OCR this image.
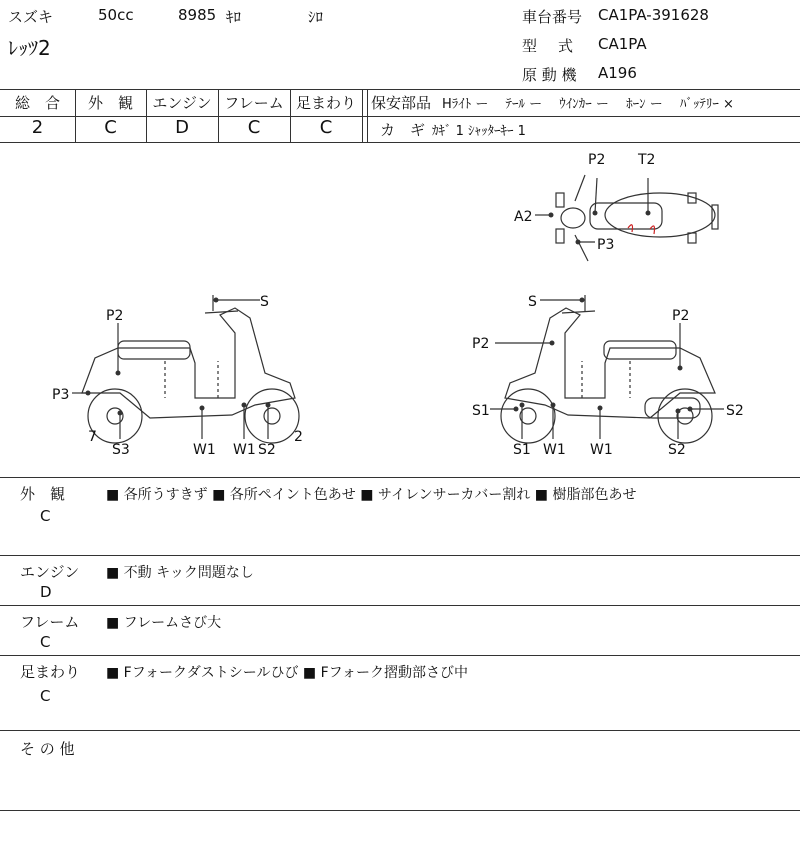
スズキ	50cc	8985 ｷﾛ	ｼﾛ
ﾚｯﾂ2
車台番号 CA1PA-391628
型　式 CA1PA
原 動 機 A196
総　合
2
外　観
C
エンジン
D
フレーム
C
足まわり
C
保安部品 Hﾗｲﾄ ー　 ﾃｰﾙ ー　 ｳｲﾝｶｰ ー　 ﾎｰﾝ ー　 ﾊﾞｯﾃﾘｰ ×
カ　ギ ｶｷﾞ 1 ｼｬｯﾀｰｷｰ 1
P2 T2
A2
P3
S
P2
P3
7
S3	W1 W1 S2
2
S
P2
P2
S1
S1 W1 W1
S2
S2
外　観
C
■ 各所うすきず ■ 各所ペイント色あせ ■ サイレンサーカバー割れ ■ 樹脂部色あせ
エンジン
D
■ 不動 キック問題なし
フレーム
C
■ フレームさび大
足まわり
C
■ Fフォークダストシールひび ■ Fフォーク摺動部さび中
そ の 他
